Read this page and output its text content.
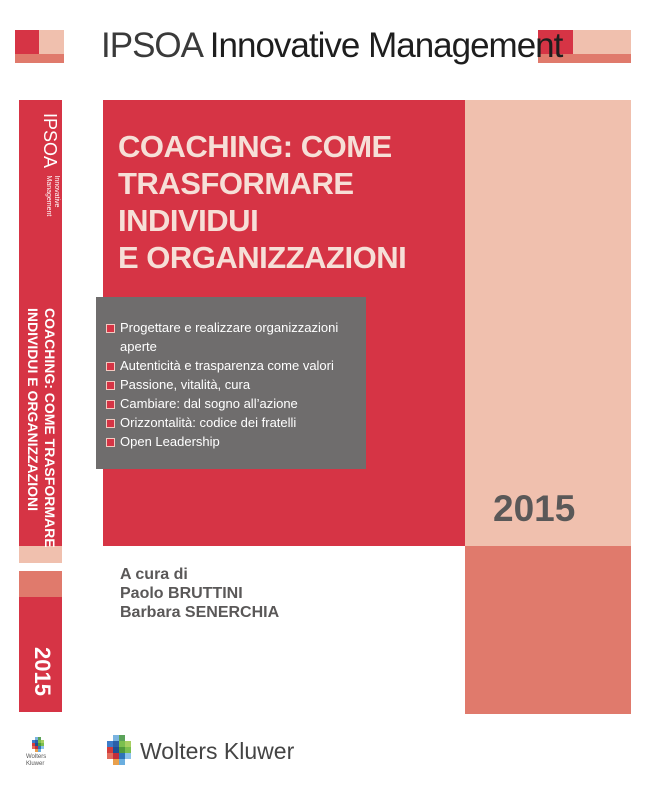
IPSOA Innovative Management
IPSOA Innovative
Management
COACHING: COME TRASFORMARE
INDIVIDUI E ORGANIZZAZIONI
2015
Wolters
Kluwer
COACHING: COME
TRASFORMARE
INDIVIDUI
E ORGANIZZAZIONI
Progettare e realizzare organizzazioni aperte
Autenticità e trasparenza come valori
Passione, vitalità, cura
Cambiare: dal sogno all’azione
Orizzontalità: codice dei fratelli
Open Leadership
2015
A cura di
Paolo BRUTTINI
Barbara SENERCHIA
Wolters Kluwer
